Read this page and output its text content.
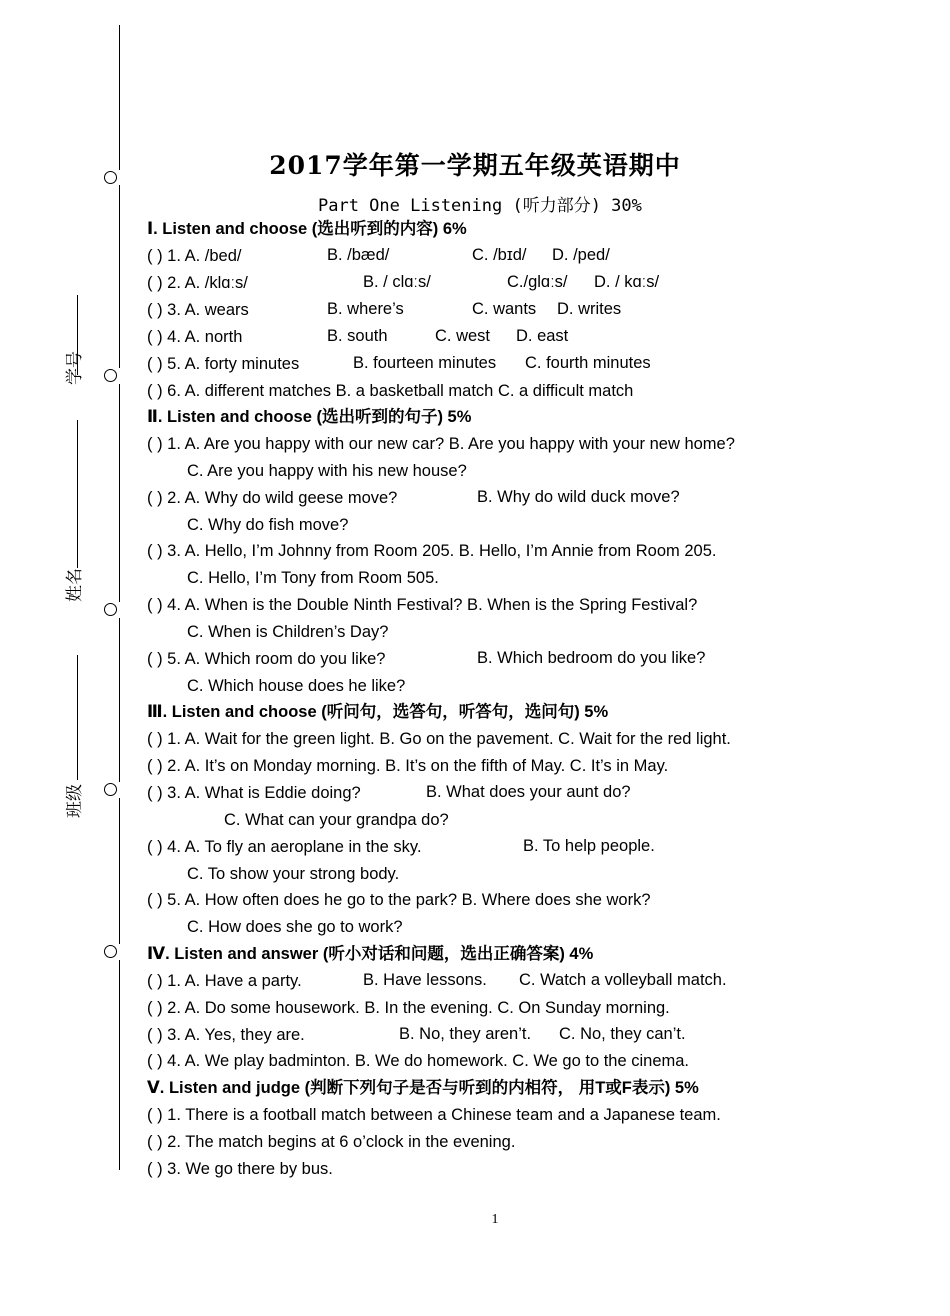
学号
姓名
班级
2017学年第一学期五年级英语期中
Part One Listening (听力部分) 30%
Ⅰ. Listen and choose (选出听到的内容) 6%
( ) 1. A. /bed/	B. /bæd/	C. /bɪd/ D. /ped/
( ) 2. A. /klɑːs/	B. / clɑːs/	C./glɑːs/ D. / kɑːs/
( ) 3. A. wears	B. where’s	C. wants D. writes
( ) 4. A. north	B. south	C. west D. east
( ) 5. A. forty minutes	B. fourteen minutes C. fourth minutes
( ) 6. A. different matches B. a basketball match C. a difficult match
Ⅱ. Listen and choose (选出听到的句子) 5%
( ) 1. A. Are you happy with our new car? B. Are you happy with your new home?
C. Are you happy with his new house?
( ) 2. A. Why do wild geese move?	B. Why do wild duck move?
C. Why do fish move?
( ) 3. A. Hello, I’m Johnny from Room 205. B. Hello, I’m Annie from Room 205.
C. Hello, I’m Tony from Room 505.
( ) 4. A. When is the Double Ninth Festival? B. When is the Spring Festival?
C. When is Children’s Day?
( ) 5. A. Which room do you like?	B. Which bedroom do you like?
C. Which house does he like?
Ⅲ. Listen and choose (听问句，选答句，听答句，选问句) 5%
( ) 1. A. Wait for the green light. B. Go on the pavement. C. Wait for the red light.
( ) 2. A. It’s on Monday morning. B. It’s on the fifth of May. C. It’s in May.
( ) 3. A. What is Eddie doing?	B. What does your aunt do?
C. What can your grandpa do?
( ) 4. A. To fly an aeroplane in the sky.	B. To help people.
C. To show your strong body.
( ) 5. A. How often does he go to the park? B. Where does she work?
C. How does she go to work?
Ⅳ. Listen and answer (听小对话和问题，选出正确答案) 4%
( ) 1. A. Have a party.	B. Have lessons. C. Watch a volleyball match.
( ) 2. A. Do some housework. B. In the evening. C. On Sunday morning.
( ) 3. A. Yes, they are.	B. No, they aren’t. C. No, they can’t.
( ) 4. A. We play badminton. B. We do homework. C. We go to the cinema.
Ⅴ. Listen and judge (判断下列句子是否与听到的内相符， 用T或F表示) 5%
( ) 1. There is a football match between a Chinese team and a Japanese team.
( ) 2. The match begins at 6 o’clock in the evening.
( ) 3. We go there by bus.
1
